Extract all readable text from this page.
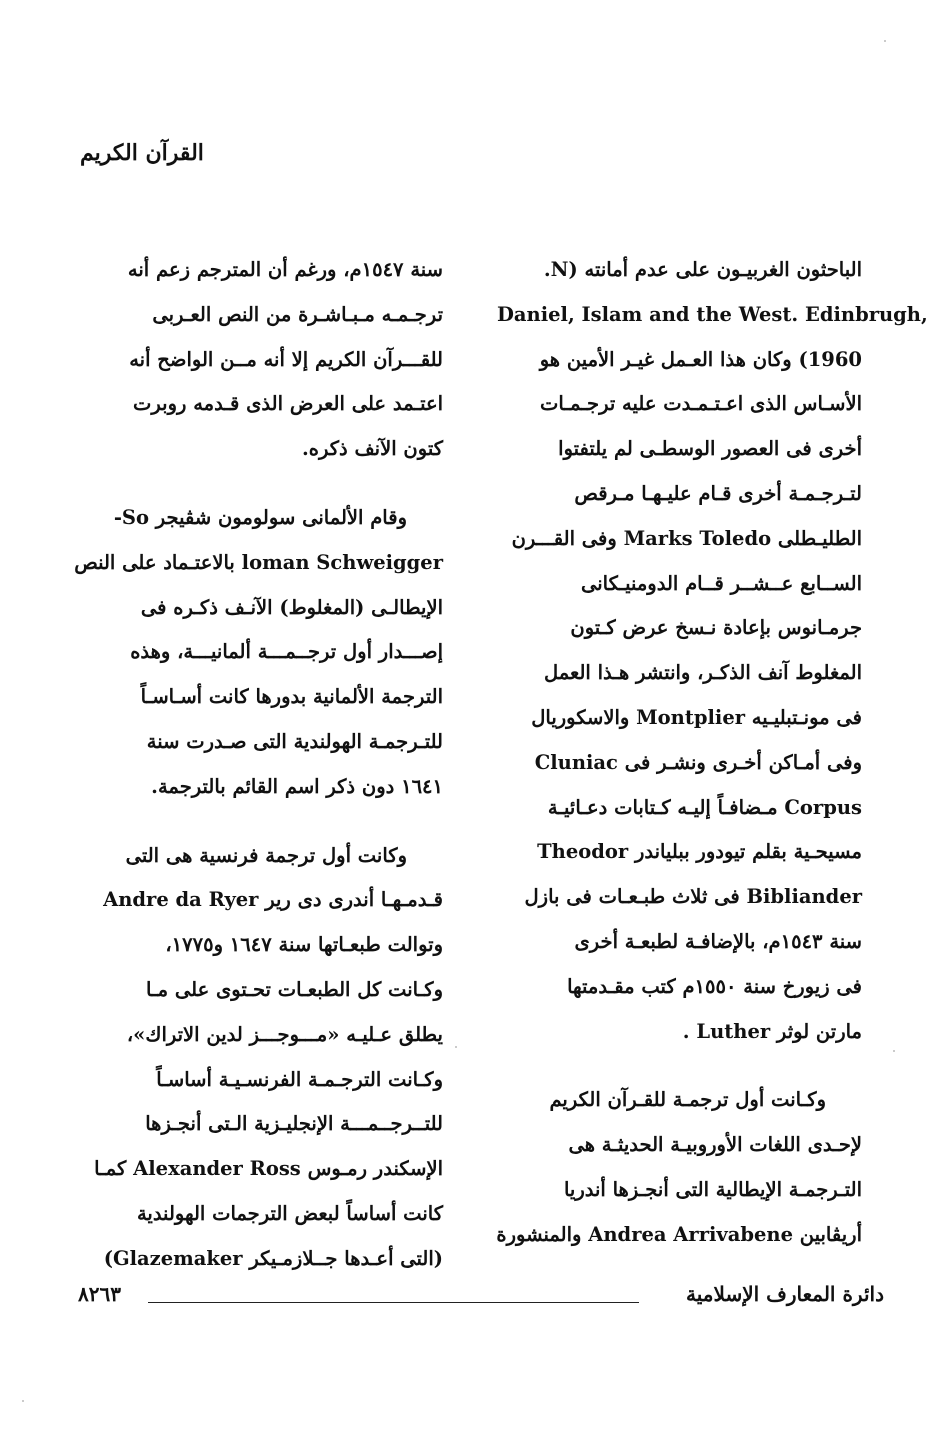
القرآن الكريم
الباحثون الغربيـون على عدم أمانته (N.
Daniel, Islam and the West. Edinbrugh,
1960) وكان هذا العـمل غيـر الأمين هو
الأسـاس الذى اعـتـمـدت عليه ترجـمـات
أخرى فى العصور الوسطـى لم يلتفتوا
لتـرجـمـة أخرى قـام عليـهـا مـرقص
الطليـطلى Marks Toledo وفى القـــرن
الســابع عــشــر قــام الدومنيـكانى
جرمـانوس بإعادة نـسخ عرض كـتون
المغلوط آنف الذكـر، وانتشر هـذا العمل
فى مونـتبليـيه Montplier والاسكوريال
وفى أمـاكن أخـرى ونشـر فى Cluniac
Corpus مـضافـاً إليـه كـتابات دعـائيـة
مسيحـية بقلم تيودور ببلياندر Theodor
Bibliander فى ثلاث طبـعـات فى بازل
سنة ١٥٤٣م، بالإضافـة لطبعـة أخرى
فى زيورخ سنة ١٥٥٠م كتب مقـدمتها
مارتن لوثر Luther .
وكـانت أول ترجمـة للقـرآن الكريم
لإحـدى اللغات الأوروبيـة الحديثـة هى
التـرجمـة الإيطالية التى أنجـزها أندريا
أريڤابين Andrea Arrivabene والمنشورة
سنة ١٥٤٧م، ورغم أن المترجم زعم أنه
ترجـمـه مـبـاشـرة من النص العـربى
للقـــرآن الكريم إلا أنه مــن الواضح أنه
اعتـمد على العرض الذى قـدمه روبرت
كتون الآنف ذكره.
وقام الألمانى سولومون شڤيجر So-
loman Schweigger بالاعتـماد على النص
الإيطالـى (المغلوط) الآنـف ذكـره فى
إصـــدار أول ترجــمـــة ألمانيـــة، وهذه
الترجمة الألمانية بدورها كانت أسـاسـاً
للتـرجمـة الهولندية التى صـدرت سنة
١٦٤١ دون ذكر اسم القائم بالترجمة.
وكانت أول ترجمة فرنسية هى التى
قـدمـهـا أندرى دى رير Andre da Ryer
وتوالت طبعـاتها سنة ١٦٤٧ و١٧٧٥،
وكـانت كل الطبعـات تحـتوى على مـا
يطلق عـليـه «مـــوجـــز لدين الاتراك»،
وكـانت الترجـمـة الفرنسـيـة أساسـاً
للتــرجــمـــة الإنجليـزية الـتى أنجـزها
الإسكندر رمـوس Alexander Ross كمـا
كانت أساساً لبعض الترجمات الهولندية
(التى أعـدها جــلازمـيكر Glazemaker)
دائرة المعارف الإسلامية
٨٢٦٣
